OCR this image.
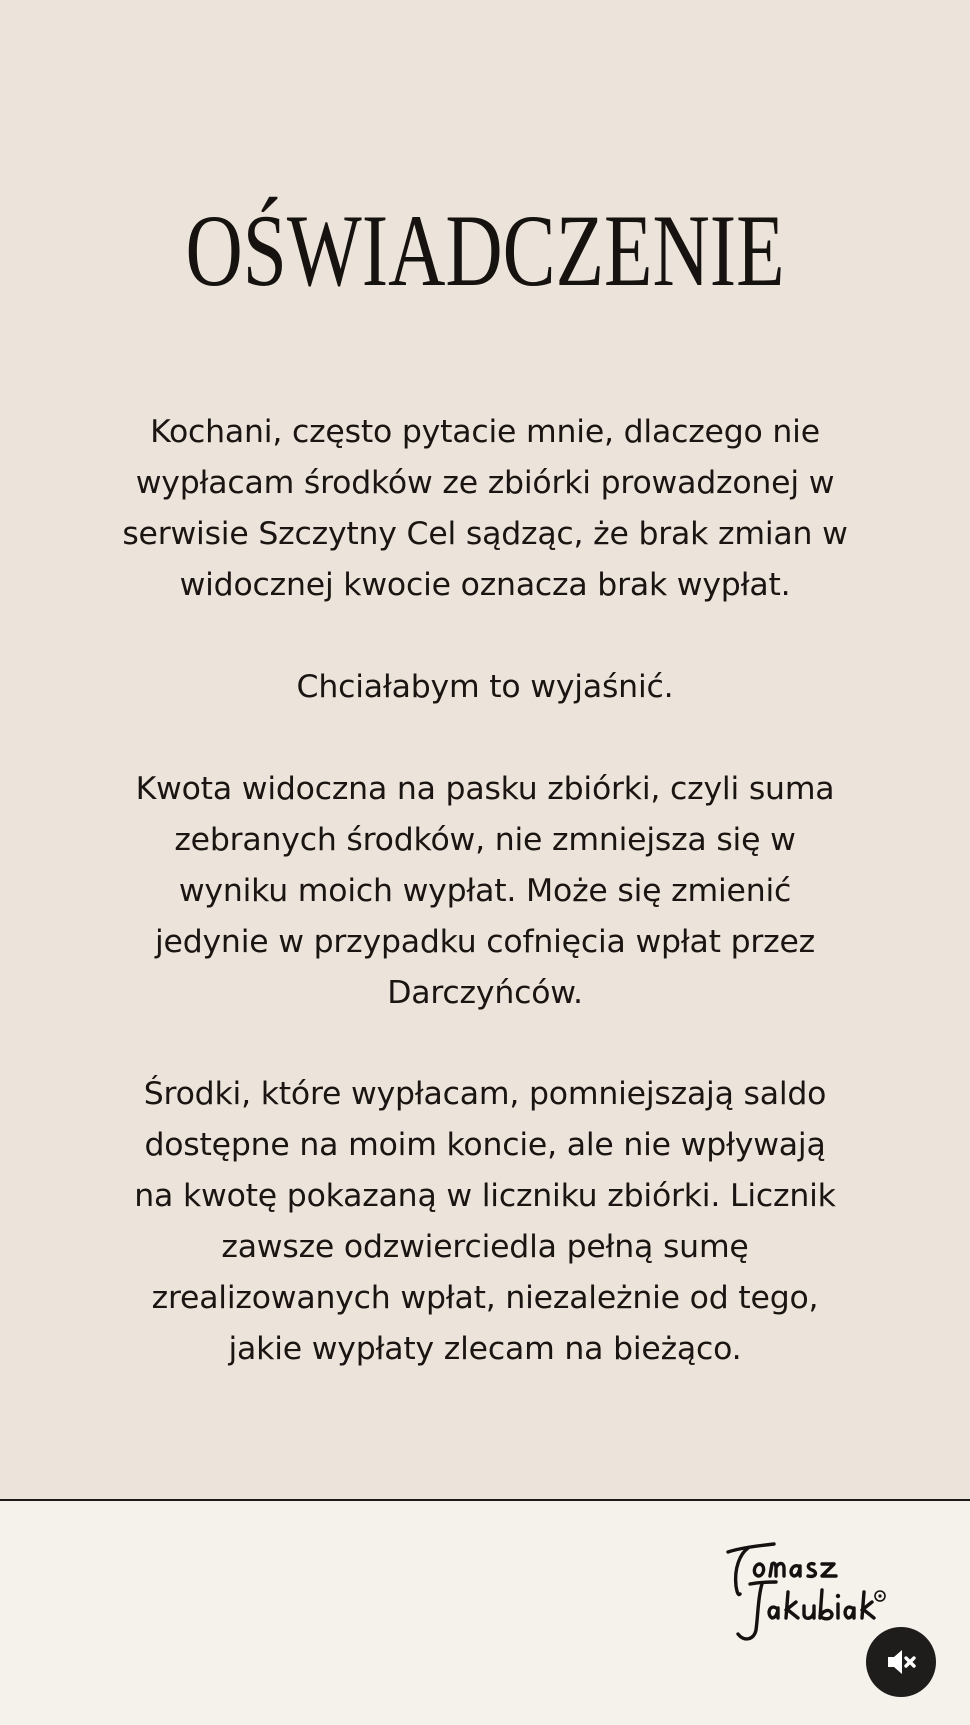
OŚWIADCZENIE
Kochani, często pytacie mnie, dlaczego nie
wypłacam środków ze zbiórki prowadzonej w
serwisie Szczytny Cel sądząc, że brak zmian w
widocznej kwocie oznacza brak wypłat.
Chciałabym to wyjaśnić.
Kwota widoczna na pasku zbiórki, czyli suma
zebranych środków, nie zmniejsza się w
wyniku moich wypłat. Może się zmienić
jedynie w przypadku cofnięcia wpłat przez
Darczyńców.
Środki, które wypłacam, pomniejszają saldo
dostępne na moim koncie, ale nie wpływają
na kwotę pokazaną w liczniku zbiórki. Licznik
zawsze odzwierciedla pełną sumę
zrealizowanych wpłat, niezależnie od tego,
jakie wypłaty zlecam na bieżąco.
